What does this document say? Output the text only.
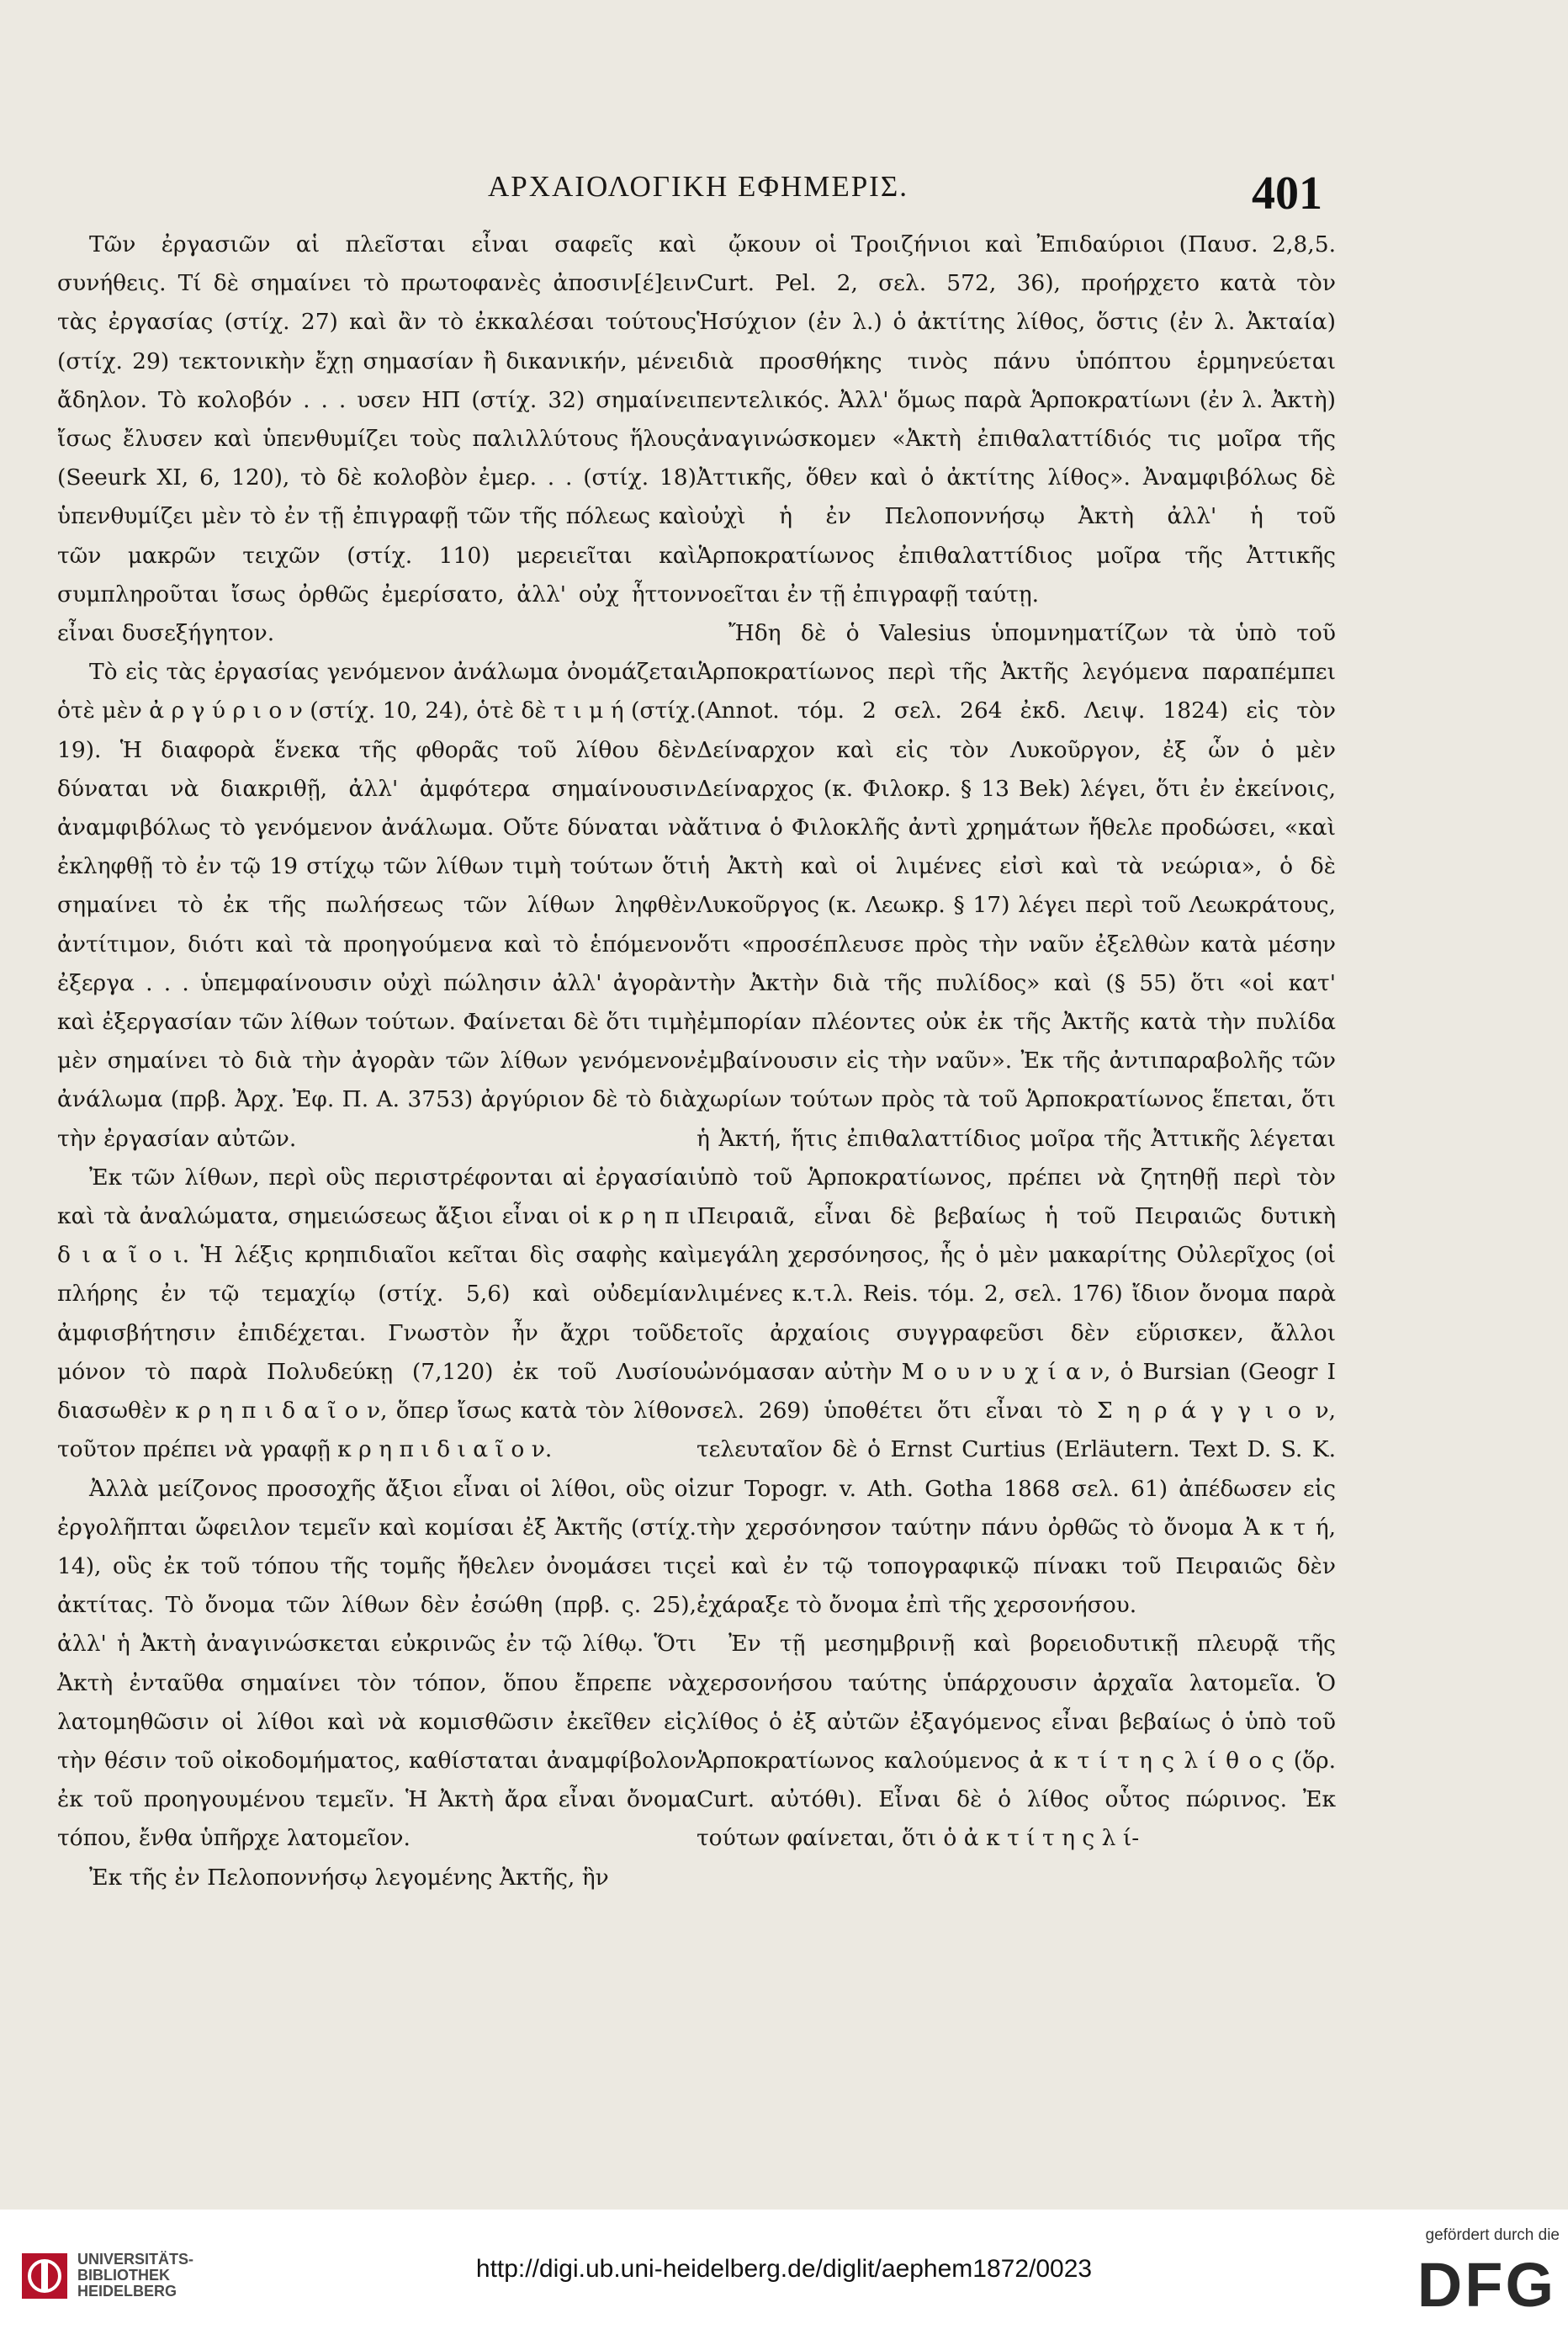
ΑΡΧΑΙΟΛΟΓΙΚΗ ΕΦΗΜΕΡΙΣ.	401

Τῶν ἐργασιῶν αἱ πλεῖσται εἶναι σαφεῖς καὶ συνήθεις. Τί δὲ σημαίνει τὸ πρωτοφανὲς ἀποσιν[έ]ειν τὰς ἐργασίας (στίχ. 27) καὶ ἂν τὸ ἐκκαλέσαι τούτους (στίχ. 29) τεκτονικὴν ἔχῃ σημασίαν ἢ δικανικήν, μένει ἄδηλον. Τὸ κολοβόν . . . υσεν ΗΠ (στίχ. 32) σημαίνει ἴσως ἔλυσεν καὶ ὑπενθυμίζει τοὺς παλιλλύτους ἥλους (Seeurk XI, 6, 120), τὸ δὲ κολοβὸν ἐμερ. . . (στίχ. 18) ὑπενθυμίζει μὲν τὸ ἐν τῇ ἐπιγραφῇ τῶν τῆς πόλεως καὶ τῶν μακρῶν τειχῶν (στίχ. 110) μερειεῖται καὶ συμπληροῦται ἴσως ὀρθῶς ἐμερίσατο, ἀλλ' οὐχ ἧττον εἶναι δυσεξήγητον.

Τὸ εἰς τὰς ἐργασίας γενόμενον ἀνάλωμα ὀνομάζεται ὁτὲ μὲν ἀ ρ γ ύ ρ ι ο ν (στίχ. 10, 24), ὁτὲ δὲ τ ι μ ή (στίχ. 19). Ἡ διαφορὰ ἕνεκα τῆς φθορᾶς τοῦ λίθου δὲν δύναται νὰ διακριθῇ, ἀλλ' ἀμφότερα σημαίνουσιν ἀναμφιβόλως τὸ γενόμενον ἀνάλωμα. Οὔτε δύναται νὰ ἐκληφθῇ τὸ ἐν τῷ 19 στίχῳ τῶν λίθων τιμὴ τούτων ὅτι σημαίνει τὸ ἐκ τῆς πωλήσεως τῶν λίθων ληφθὲν ἀντίτιμον, διότι καὶ τὰ προηγούμενα καὶ τὸ ἑπόμενον ἐξεργα . . . ὑπεμφαίνουσιν οὐχὶ πώλησιν ἀλλ' ἀγορὰν καὶ ἐξεργασίαν τῶν λίθων τούτων. Φαίνεται δὲ ὅτι τιμὴ μὲν σημαίνει τὸ διὰ τὴν ἀγορὰν τῶν λίθων γενόμενον ἀνάλωμα (πρβ. Ἀρχ. Ἐφ. Π. Α. 3753) ἀργύριον δὲ τὸ διὰ τὴν ἐργασίαν αὐτῶν.

Ἐκ τῶν λίθων, περὶ οὓς περιστρέφονται αἱ ἐργασίαι καὶ τὰ ἀναλώματα, σημειώσεως ἄξιοι εἶναι οἱ κ ρ η π ι δ ι α ῖ ο ι. Ἡ λέξις κρηπιδιαῖοι κεῖται δὶς σαφὴς καὶ πλήρης ἐν τῷ τεμαχίῳ (στίχ. 5,6) καὶ οὐδεμίαν ἀμφισβήτησιν ἐπιδέχεται. Γνωστὸν ἦν ἄχρι τοῦδε μόνον τὸ παρὰ Πολυδεύκῃ (7,120) ἐκ τοῦ Λυσίου διασωθὲν κ ρ η π ι δ α ῖ ο ν, ὅπερ ἴσως κατὰ τὸν λίθον τοῦτον πρέπει νὰ γραφῇ κ ρ η π ι δ ι α ῖ ο ν.

Ἀλλὰ μείζονος προσοχῆς ἄξιοι εἶναι οἱ λίθοι, οὓς οἱ ἐργολῆπται ὤφειλον τεμεῖν καὶ κομίσαι ἐξ Ἀκτῆς (στίχ. 14), οὓς ἐκ τοῦ τόπου τῆς τομῆς ἤθελεν ὀνομάσει τις ἀκτίτας. Τὸ ὄνομα τῶν λίθων δὲν ἐσώθη (πρβ. ς. 25), ἀλλ' ἡ Ἀκτὴ ἀναγινώσκεται εὐκρινῶς ἐν τῷ λίθῳ. Ὅτι Ἀκτὴ ἐνταῦθα σημαίνει τὸν τόπον, ὅπου ἔπρεπε νὰ λατομηθῶσιν οἱ λίθοι καὶ νὰ κομισθῶσιν ἐκεῖθεν εἰς τὴν θέσιν τοῦ οἰκοδομήματος, καθίσταται ἀναμφίβολον ἐκ τοῦ προηγουμένου τεμεῖν. Ἡ Ἀκτὴ ἄρα εἶναι ὄνομα τόπου, ἔνθα ὑπῆρχε λατομεῖον.

Ἐκ τῆς ἐν Πελοποννήσῳ λεγομένης Ἀκτῆς, ἣν

ᾤκουν οἱ Τροιζήνιοι καὶ Ἐπιδαύριοι (Παυσ. 2,8,5. Curt. Pel. 2, σελ. 572, 36), προήρχετο κατὰ τὸν Ἡσύχιον (ἐν λ.) ὁ ἀκτίτης λίθος, ὅστις (ἐν λ. Ἀκταία) διὰ προσθήκης τινὸς πάνυ ὑπόπτου ἑρμηνεύεται πεντελικός. Ἀλλ' ὅμως παρὰ Ἁρποκρατίωνι (ἐν λ. Ἀκτὴ) ἀναγινώσκομεν «Ἀκτὴ ἐπιθαλαττίδιός τις μοῖρα τῆς Ἀττικῆς, ὅθεν καὶ ὁ ἀκτίτης λίθος». Ἀναμφιβόλως δὲ οὐχὶ ἡ ἐν Πελοποννήσῳ Ἀκτὴ ἀλλ' ἡ τοῦ Ἁρποκρατίωνος ἐπιθαλαττίδιος μοῖρα τῆς Ἀττικῆς νοεῖται ἐν τῇ ἐπιγραφῇ ταύτῃ.

Ἤδη δὲ ὁ Valesius ὑπομνηματίζων τὰ ὑπὸ τοῦ Ἁρποκρατίωνος περὶ τῆς Ἀκτῆς λεγόμενα παραπέμπει (Annot. τόμ. 2 σελ. 264 ἐκδ. Λειψ. 1824) εἰς τὸν Δείναρχον καὶ εἰς τὸν Λυκοῦργον, ἐξ ὧν ὁ μὲν Δείναρχος (κ. Φιλοκρ. § 13 Bek) λέγει, ὅτι ἐν ἐκείνοις, ἅτινα ὁ Φιλοκλῆς ἀντὶ χρημάτων ἤθελε προδώσει, «καὶ ἡ Ἀκτὴ καὶ οἱ λιμένες εἰσὶ καὶ τὰ νεώρια», ὁ δὲ Λυκοῦργος (κ. Λεωκρ. § 17) λέγει περὶ τοῦ Λεωκράτους, ὅτι «προσέπλευσε πρὸς τὴν ναῦν ἐξελθὼν κατὰ μέσην τὴν Ἀκτὴν διὰ τῆς πυλίδος» καὶ (§ 55) ὅτι «οἱ κατ' ἐμπορίαν πλέοντες οὐκ ἐκ τῆς Ἀκτῆς κατὰ τὴν πυλίδα ἐμβαίνουσιν εἰς τὴν ναῦν». Ἐκ τῆς ἀντιπαραβολῆς τῶν χωρίων τούτων πρὸς τὰ τοῦ Ἁρποκρατίωνος ἕπεται, ὅτι ἡ Ἀκτή, ἥτις ἐπιθαλαττίδιος μοῖρα τῆς Ἀττικῆς λέγεται ὑπὸ τοῦ Ἁρποκρατίωνος, πρέπει νὰ ζητηθῇ περὶ τὸν Πειραιᾶ, εἶναι δὲ βεβαίως ἡ τοῦ Πειραιῶς δυτικὴ μεγάλη χερσόνησος, ἧς ὁ μὲν μακαρίτης Οὐλερῖχος (οἱ λιμένες κ.τ.λ. Reis. τόμ. 2, σελ. 176) ἴδιον ὄνομα παρὰ τοῖς ἀρχαίοις συγγραφεῦσι δὲν εὕρισκεν, ἄλλοι ὠνόμασαν αὐτὴν Μ ο υ ν υ χ ί α ν, ὁ Bursian (Geogr I σελ. 269) ὑποθέτει ὅτι εἶναι τὸ Σ η ρ ά γ γ ι ο ν, τελευταῖον δὲ ὁ Ernst Curtius (Erläutern. Text D. S. K. zur Topogr. v. Ath. Gotha 1868 σελ. 61) ἀπέδωσεν εἰς τὴν χερσόνησον ταύτην πάνυ ὀρθῶς τὸ ὄνομα Ἀ κ τ ή, εἰ καὶ ἐν τῷ τοπογραφικῷ πίνακι τοῦ Πειραιῶς δὲν ἐχάραξε τὸ ὄνομα ἐπὶ τῆς χερσονήσου.

Ἐν τῇ μεσημβρινῇ καὶ βορειοδυτικῇ πλευρᾷ τῆς χερσονήσου ταύτης ὑπάρχουσιν ἀρχαῖα λατομεῖα. Ὁ λίθος ὁ ἐξ αὐτῶν ἐξαγόμενος εἶναι βεβαίως ὁ ὑπὸ τοῦ Ἁρποκρατίωνος καλούμενος ἀ κ τ ί τ η ς λ ί θ ο ς (ὅρ. Curt. αὐτόθι). Εἶναι δὲ ὁ λίθος οὗτος πώρινος. Ἐκ τούτων φαίνεται, ὅτι ὁ ἀ κ τ ί τ η ς λ ί-

UNIVERSITÄTS-
BIBLIOTHEK
HEIDELBERG
http://digi.ub.uni-heidelberg.de/diglit/aephem1872/0023
gefördert durch die
DFG
